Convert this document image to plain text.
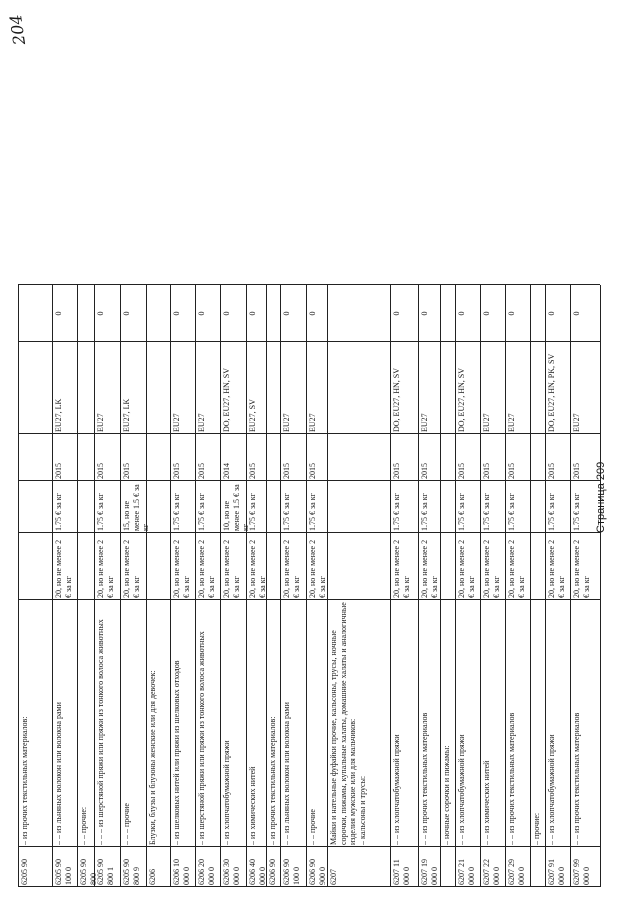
6205 90
– из прочих текстильных материалов:
6205 90 100 0
– – из льняных волокон или волокна рами
20, но не менее 2 € за кг
1.75 € за кг
2015
EU27, LK
0
6205 90 800
– – прочие:
6205 90 800 1
– – – из шерстяной пряжи или пряжи из тонкого волоса животных
20, но не менее 2 € за кг
1.75 € за кг
2015
EU27
0
6205 90 800 9
– – – прочие
20, но не менее 2 € за кг
15, но не менее 1.5 € за кг
2015
EU27, LK
0
6206
Блузки, блузы и блузоны женские или для девочек:
6206 10 000 0
– из шелковых нитей или пряжи из шелковых отходов
20, но не менее 2 € за кг
1.75 € за кг
2015
EU27
0
6206 20 000 0
– из шерстяной пряжи или пряжи из тонкого волоса животных
20, но не менее 2 € за кг
1.75 € за кг
2015
EU27
0
6206 30 000 0
– из хлопчатобумажной пряжи
20, но не менее 2 € за кг
10, но не менее 1.5 € за кг
2014
DO, EU27, HN, SV
0
6206 40 000 0
– из химических нитей
20, но не менее 2 € за кг
1.75 € за кг
2015
EU27, SV
0
6206 90
– из прочих текстильных материалов:
6206 90 100 0
– – из льняных волокон или волокна рами
20, но не менее 2 € за кг
1.75 € за кг
2015
EU27
0
6206 90 900 0
– – прочие
20, но не менее 2 € за кг
1.75 € за кг
2015
EU27
0
6207
Майки и нательные фуфайки прочие, кальсоны, трусы, ночные сорочки, пижамы, купальные халаты, домашние халаты и аналогичные изделия мужские или для мальчиков:
– кальсоны и трусы:
6207 11 000 0
– – из хлопчатобумажной пряжи
20, но не менее 2 € за кг
1.75 € за кг
2015
DO, EU27, HN, SV
0
6207 19 000 0
– – из прочих текстильных материалов
20, но не менее 2 € за кг
1.75 € за кг
2015
EU27
0
– ночные сорочки и пижамы:
6207 21 000 0
– – из хлопчатобумажной пряжи
20, но не менее 2 € за кг
1.75 € за кг
2015
DO, EU27, HN, SV
0
6207 22 000 0
– – из химических нитей
20, но не менее 2 € за кг
1.75 € за кг
2015
EU27
0
6207 29 000 0
– – из прочих текстильных материалов
20, но не менее 2 € за кг
1.75 € за кг
2015
EU27
0
– прочие:
6207 91 000 0
– – из хлопчатобумажной пряжи
20, но не менее 2 € за кг
1.75 € за кг
2015
DO, EU27, HN, PK, SV
0
6207 99 000 0
– – из прочих текстильных материалов
20, но не менее 2 € за кг
1.75 € за кг
2015
EU27
0
Страница 209
204
